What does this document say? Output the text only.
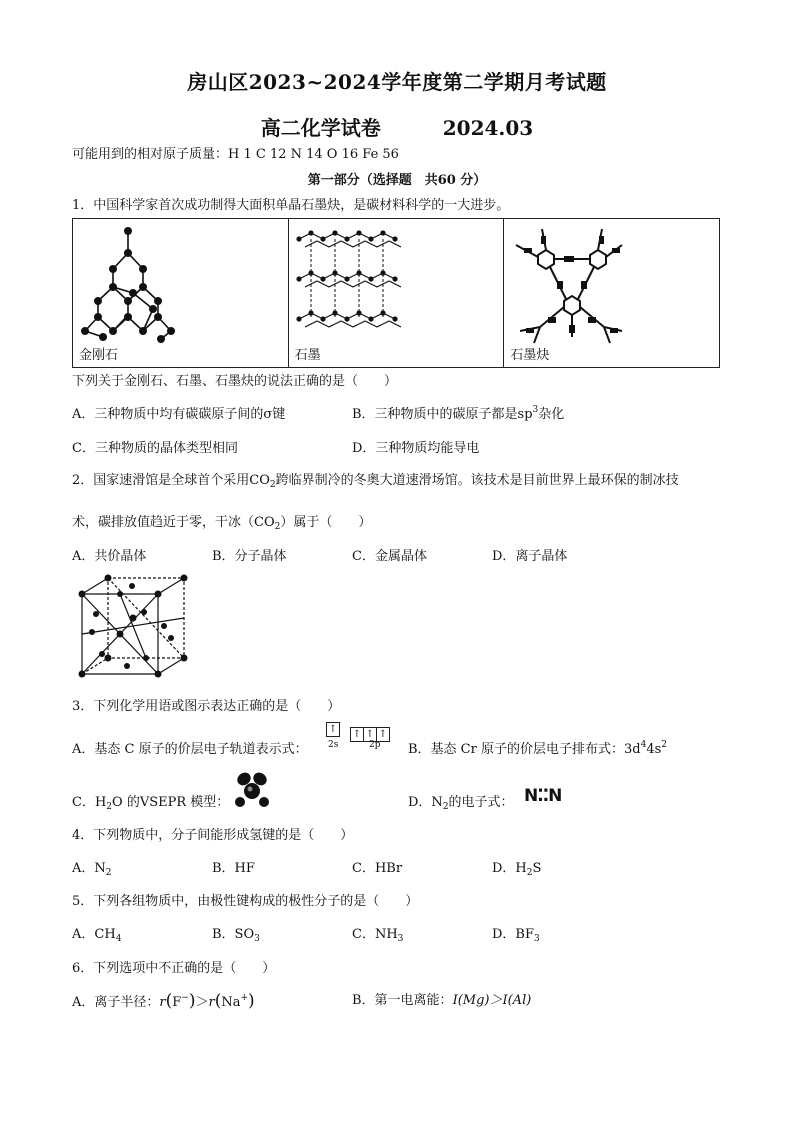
房山区2023~2024学年度第二学期月考试题
高二化学试卷	2024.03
可能用到的相对原子质量：H 1 C 12 N 14 O 16 Fe 56
第一部分（选择题　共60 分）
1．中国科学家首次成功制得大面积单晶石墨炔，是碳材料科学的一大进步。
金刚石	石墨	石墨炔
下列关于金刚石、石墨、石墨炔的说法正确的是（　　）
A．三种物质中均有碳碳原子间的σ键	B．三种物质中的碳原子都是$sp^3$杂化
C．三种物质的晶体类型相同	D．三种物质均能导电
2．国家速滑馆是全球首个采用$CO_2$跨临界制冷的冬奥大道速滑场馆。该技术是目前世界上最环保的制冰技
术，碳排放值趋近于零，干冰$(CO_2)$属于（　　）
A．共价晶体	B．分子晶体	C．金属晶体	D．离子晶体
3．下列化学用语或图示表达正确的是（　　）
A．基态 C 原子的价层电子轨道表示式：
↑ ↑ ↑ ↑
2s	2p B．基态 Cr 原子的价层电子排布式：$3d^44s^2$
C．$H_2O$ 的VSEPR 模型：	D．$N_2$的电子式： N⁚⁚N
4．下列物质中，分子间能形成氢键的是（　　）
A．$N_2$	B．HF	C．HBr	D．$H_2S$
5．下列各组物质中，由极性键构成的极性分子的是（　　）
A．$CH_4$	B．$SO_3$	C．$NH_3$	D．$BF_3$
6．下列选项中不正确的是（　　）
A．离子半径：r(F−)＞r(Na+)	B．第一电离能：I(Mg)＞I(Al)
